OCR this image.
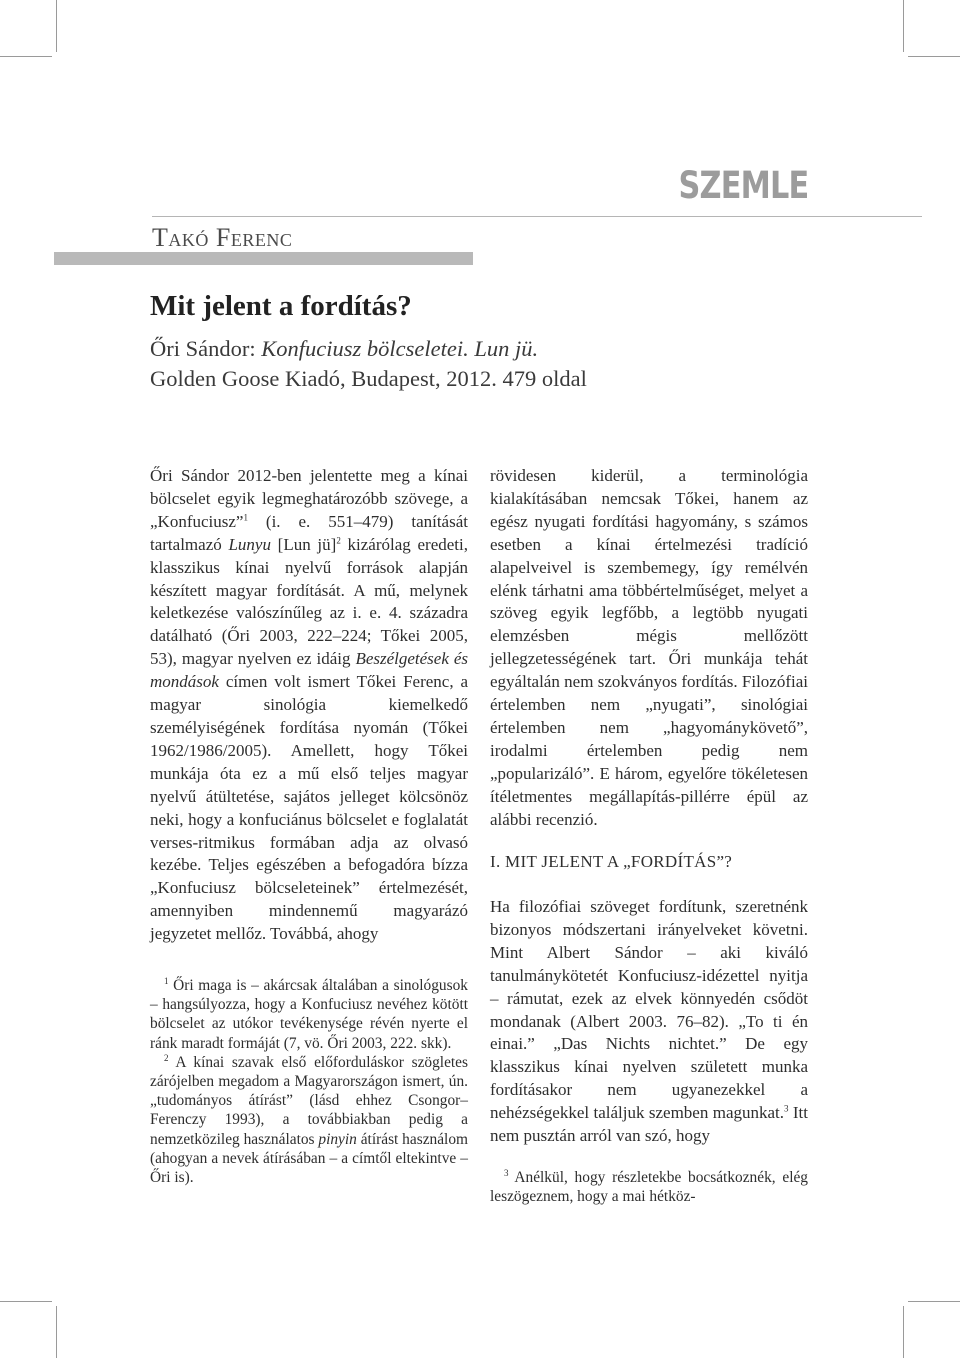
SZEMLE
Takó Ferenc
Mit jelent a fordítás?
Őri Sándor: Konfuciusz bölcseletei. Lun jü.
Golden Goose Kiadó, Budapest, 2012. 479 oldal

Őri Sándor 2012-ben jelentette meg a kínai bölcselet egyik legmeghatározóbb szövege, a „Konfuciusz”$^1$ (i. e. 551–479) tanítását tartalmazó Lunyu [Lun jü]$^2$ kizárólag eredeti, klasszikus kínai nyelvű források alapján készített magyar fordítását. A mű, melynek keletkezése valószínűleg az i. e. 4. századra datálható (Őri 2003, 222–224; Tőkei 2005, 53), magyar nyelven ez idáig Beszélgetések és mondások címen volt ismert Tőkei Ferenc, a magyar sinológia kiemelkedő személyiségének fordítása nyomán (Tőkei 1962/1986/2005). Amellett, hogy Tőkei munkája óta ez a mű első teljes magyar nyelvű átültetése, sajátos jelleget kölcsönöz neki, hogy a konfuciánus bölcselet e foglalatát verses-ritmikus formában adja az olvasó kezébe. Teljes egészében a befogadóra bízza „Konfuciusz bölcseleteinek” értelmezését, amennyiben mindennemű magyarázó jegyzetet mellőz. Továbbá, ahogy

$^1$ Őri maga is – akárcsak általában a sinológusok – hangsúlyozza, hogy a Konfuciusz nevéhez kötött bölcselet az utókor tevékenysége révén nyerte el ránk maradt formáját (7, vö. Őri 2003, 222. skk).

$^2$ A kínai szavak első előforduláskor szögletes zárójelben megadom a Magyarországon ismert, ún. „tudományos átírást” (lásd ehhez Csongor–Ferenczy 1993), a továbbiakban pedig a nemzetközileg használatos pinyin átírást használom (ahogyan a nevek átírásában – a címtől eltekintve – Őri is).

rövidesen kiderül, a terminológia kialakításában nemcsak Tőkei, hanem az egész nyugati fordítási hagyomány, s számos esetben a kínai értelmezési tradíció alapelveivel is szembemegy, így remélvén elénk tárhatni ama többértelműséget, melyet a szöveg egyik legfőbb, a legtöbb nyugati elemzésben mégis mellőzött jellegzetességének tart. Őri munkája tehát egyáltalán nem szokványos fordítás. Filozófiai értelemben nem „nyugati”, sinológiai értelemben nem „hagyománykövető”, irodalmi értelemben pedig nem „popularizáló”. E három, egyelőre tökéletesen ítéletmentes megállapítás-pillérre épül az alábbi recenzió.

I. MIT JELENT A „FORDÍTÁS”?

Ha filozófiai szöveget fordítunk, szeretnénk bizonyos módszertani irányelveket követni. Mint Albert Sándor – aki kiváló tanulmánykötetét Konfuciusz-idézettel nyitja – rámutat, ezek az elvek könnyedén csődöt mondanak (Albert 2003. 76–82). „To ti én einai.” „Das Nichts nichtet.” De egy klasszikus kínai nyelven született munka fordításakor nem ugyanezekkel a nehézségekkel találjuk szemben magunkat.$^3$ Itt nem pusztán arról van szó, hogy

$^3$ Anélkül, hogy részletekbe bocsátkoznék, elég leszögeznem, hogy a mai hétköz-
